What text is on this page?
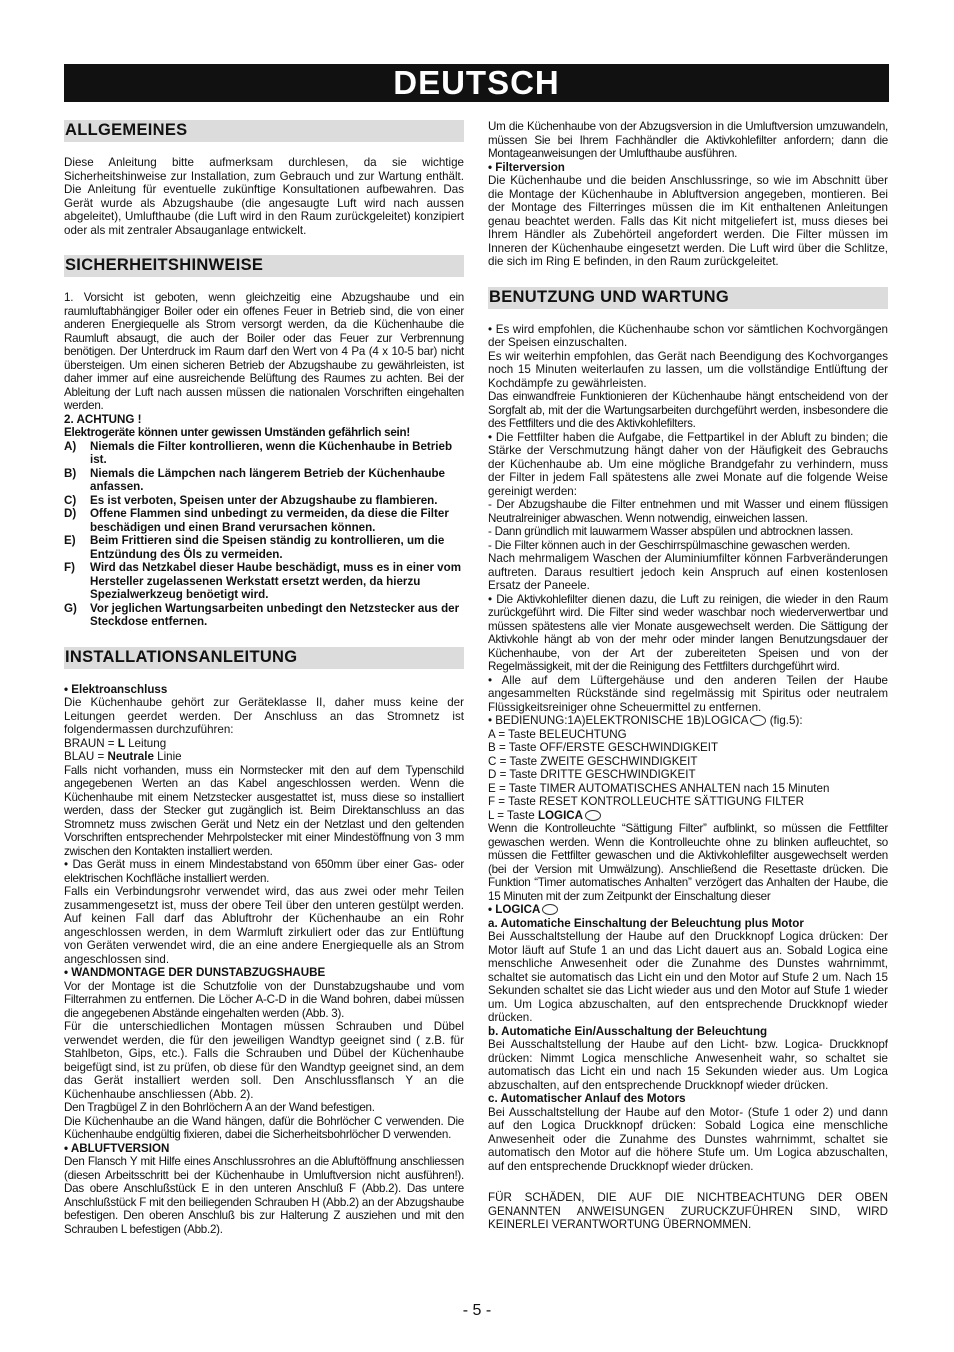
DEUTSCH
ALLGEMEINES

Diese Anleitung bitte aufmerksam durchlesen, da sie wichtige Sicherheitshinweise zur Installation, zum Gebrauch und zur Wartung enthält. Die Anleitung für eventuelle zukünftige Konsultationen aufbewahren. Das Gerät wurde als Abzugshaube (die angesaugte Luft wird nach aussen abgeleitet), Umlufthaube (die Luft wird in den Raum zurückgeleitet) konzipiert oder als mit zentraler Absauganlage entwickelt.

SICHERHEITSHINWEISE

1. Vorsicht ist geboten, wenn gleichzeitig eine Abzugshaube und ein raumluftabhängiger Boiler oder ein offenes Feuer in Betrieb sind, die von einer anderen Energiequelle als Strom versorgt werden, da die Küchenhaube die Raumluft absaugt, die auch der Boiler oder das Feuer zur Verbrennung benötigen. Der Unterdruck im Raum darf den Wert von 4 Pa (4 x 10-5 bar) nicht übersteigen. Um einen sicheren Betrieb der Abzugshaube zu gewährleisten, ist daher immer auf eine ausreichende Belüftung des Raumes zu achten. Bei der Ableitung der Luft nach aussen müssen die nationalen Vorschriften eingehalten werden.

2. ACHTUNG !

Elektrogeräte können unter gewissen Umständen gefährlich sein!

A)	Niemals die Filter kontrollieren, wenn die Küchenhaube in Betrieb ist.
B)	Niemals die Lämpchen nach längerem Betrieb der Küchenhaube anfassen.
C)	Es ist verboten, Speisen unter der Abzugshaube zu flambieren.
D)	Offene Flammen sind unbedingt zu vermeiden, da diese die Filter beschädigen und einen Brand verursachen können.
E)	Beim Frittieren sind die Speisen ständig zu kontrollieren, um die Entzündung des Öls zu vermeiden.
F)	Wird das Netzkabel dieser Haube beschädigt, muss es in einer vom Hersteller zugelassenen Werkstatt ersetzt werden, da hierzu Spezialwerkzeug benöetigt wird.
G)	Vor jeglichen Wartungsarbeiten unbedingt den Netzstecker aus der Steckdose entfernen.
INSTALLATIONSANLEITUNG

• Elektroanschluss

Die Küchenhaube gehört zur Geräteklasse II, daher muss keine der Leitungen geerdet werden. Der Anschluss an das Stromnetz ist folgendermassen durchzuführen:

BRAUN = L Leitung

BLAU = Neutrale Linie

Falls nicht vorhanden, muss ein Normstecker mit den auf dem Typenschild angegebenen Werten an das Kabel angeschlossen werden. Wenn die Küchenhaube mit einem Netzstecker ausgestattet ist, muss diese so installiert werden, dass der Stecker gut zugänglich ist. Beim Direktanschluss an das Stromnetz muss zwischen Gerät und Netz ein der Netzlast und den geltenden Vorschriften entsprechender Mehrpolstecker mit einer Mindestöffnung von 3 mm zwischen den Kontakten installiert werden.

• Das Gerät muss in einem Mindestabstand von 650mm über einer Gas- oder elektrischen Kochfläche installiert werden.

Falls ein Verbindungsrohr verwendet wird, das aus zwei oder mehr Teilen zusammengesetzt ist, muss der obere Teil über den unteren gestülpt werden. Auf keinen Fall darf das Abluftrohr der Küchenhaube an ein Rohr angeschlossen werden, in dem Warmluft zirkuliert oder das zur Entlüftung von Geräten verwendet wird, die an eine andere Energiequelle als an Strom angeschlossen sind.

• WANDMONTAGE DER DUNSTABZUGSHAUBE

Vor der Montage ist die Schutzfolie von der Dunstabzugshaube und vom Filterrahmen zu entfernen. Die Löcher A-C-D in die Wand bohren, dabei müssen die angegebenen Abstände eingehalten werden (Abb. 3).

Für die unterschiedlichen Montagen müssen Schrauben und Dübel verwendet werden, die für den jeweiligen Wandtyp geeignet sind ( z.B. für Stahlbeton, Gips, etc.). Falls die Schrauben und Dübel der Küchenhaube beigefügt sind, ist zu prüfen, ob diese für den Wandtyp geeignet sind, an dem das Gerät installiert werden soll. Den Anschlussflansch Y an die Küchenhaube anschliessen (Abb. 2).

Den Tragbügel Z in den Bohrlöchern A an der Wand befestigen.

Die Küchenhaube an die Wand hängen, dafür die Bohrlöcher C verwenden. Die Küchenhaube endgültig fixieren, dabei die Sicherheitsbohrlöcher D verwenden.

• ABLUFTVERSION

Den Flansch Y mit Hilfe eines Anschlussrohres an die Abluftöffnung anschliessen (diesen Arbeitsschritt bei der Küchenhaube in Umluftversion nicht ausführen!). Das obere Anschlußstück E in den unteren Anschluß F (Abb.2). Das untere Anschlußstück F mit den beiliegenden Schrauben H (Abb.2) an der Abzugshaube befestigen. Den oberen Anschluß bis zur Halterung Z ausziehen und mit den Schrauben L befestigen (Abb.2).

Um die Küchenhaube von der Abzugsversion in die Umluftversion umzuwandeln, müssen Sie bei Ihrem Fachhändler die Aktivkohlefilter anfordern; dann die Montageanweisungen der Umlufthaube ausführen.

• Filterversion

Die Küchenhaube und die beiden Anschlussringe, so wie im Abschnitt über die Montage der Küchenhaube in Abluftversion angegeben, montieren. Bei der Montage des Filterringes müssen die im Kit enthaltenen Anleitungen genau beachtet werden. Falls das Kit nicht mitgeliefert ist, muss dieses bei Ihrem Händler als Zubehörteil angefordert werden. Die Filter müssen im Inneren der Küchenhaube eingesetzt werden. Die Luft wird über die Schlitze, die sich im Ring E befinden, in den Raum zurückgeleitet.

BENUTZUNG UND WARTUNG

• Es wird empfohlen, die Küchenhaube schon vor sämtlichen Kochvorgängen der Speisen einzuschalten.

Es wir weiterhin empfohlen, das Gerät nach Beendigung des Kochvorganges noch 15 Minuten weiterlaufen zu lassen, um die vollständige Entlüftung der Kochdämpfe zu gewährleisten.

Das einwandfreie Funktionieren der Küchenhaube hängt entscheidend von der Sorgfalt ab, mit der die Wartungsarbeiten durchgeführt werden, insbesondere die des Fettfilters und die des Aktivkohlefilters.

• Die Fettfilter haben die Aufgabe, die Fettpartikel in der Abluft zu binden; die Stärke der Verschmutzung hängt daher von der Häufigkeit des Gebrauchs der Küchenhaube ab. Um eine mögliche Brandgefahr zu verhindern, muss der Filter in jedem Fall spätestens alle zwei Monate auf die folgende Weise gereinigt werden:

- Der Abzugshaube die Filter entnehmen und mit Wasser und einem flüssigen Neutralreiniger abwaschen. Wenn notwendig, einweichen lassen.

- Dann gründlich mit lauwarmem Wasser abspülen und abtrocknen lassen.

- Die Filter können auch in der Geschirrspülmaschine gewaschen werden.

Nach mehrmaligem Waschen der Aluminiumfilter können Farbveränderungen auftreten. Daraus resultiert jedoch kein Anspruch auf einen kostenlosen Ersatz der Paneele.

• Die Aktivkohlefilter dienen dazu, die Luft zu reinigen, die wieder in den Raum zurückgeführt wird. Die Filter sind weder waschbar noch wiederverwertbar und müssen spätestens alle vier Monate ausgewechselt werden. Die Sättigung der Aktivkohle hängt ab von der mehr oder minder langen Benutzungsdauer der Küchenhaube, von der Art der zubereiteten Speisen und von der Regelmässigkeit, mit der die Reinigung des Fettfilters durchgeführt wird.

• Alle auf dem Lüftergehäuse und den anderen Teilen der Haube angesammelten Rückstände sind regelmässig mit Spiritus oder neutralem Flüssigkeitsreiniger ohne Scheuermittel zu entfernen.

• BEDIENUNG:1A)ELEKTRONISCHE 1B)LOGICA (fig.5):

A = Taste BELEUCHTUNG

B = Taste OFF/ERSTE GESCHWINDIGKEIT

C = Taste ZWEITE GESCHWINDIGKEIT

D = Taste DRITTE GESCHWINDIGKEIT

E = Taste TIMER AUTOMATISCHES ANHALTEN nach 15 Minuten

F = Taste RESET KONTROLLEUCHTE SÄTTIGUNG FILTER

L = Taste LOGICA

Wenn die Kontrolleuchte “Sättigung Filter” aufblinkt, so müssen die Fettfilter gewaschen werden. Wenn die Kontrolleuchte ohne zu blinken aufleuchtet, so müssen die Fettfilter gewaschen und die Aktivkohlefilter ausgewechselt werden (bei der Version mit Umwälzung). Anschließend die Resettaste drücken. Die Funktion “Timer automatisches Anhalten” verzögert das Anhalten der Haube, die 15 Minuten mit der zum Zeitpunkt der Einschaltung dieser

• LOGICA

a. Automatiche Einschaltung der Beleuchtung plus Motor

Bei Ausschaltstellung der Haube auf den Druckknopf Logica drücken: Der Motor läuft auf Stufe 1 an und das Licht dauert aus an. Sobald Logica eine menschliche Anwesenheit oder die Zunahme des Dunstes wahrnimmt, schaltet sie automatisch das Licht ein und den Motor auf Stufe 2 um. Nach 15 Sekunden schaltet sie das Licht wieder aus und den Motor auf Stufe 1 wieder um. Um Logica abzuschalten, auf den entsprechende Druckknopf wieder drücken.

b. Automatiche Ein/Ausschaltung der Beleuchtung

Bei Ausschaltstellung der Haube auf den Licht- bzw. Logica- Druckknopf drücken: Nimmt Logica menschliche Anwesenheit wahr, so schaltet sie automatisch das Licht ein und nach 15 Sekunden wieder aus. Um Logica abzuschalten, auf den entsprechende Druckknopf wieder drücken.

c. Automatischer Anlauf des Motors

Bei Ausschaltstellung der Haube auf den Motor- (Stufe 1 oder 2) und dann auf den Logica Druckknopf drücken: Sobald Logica eine menschliche Anwesenheit oder die Zunahme des Dunstes wahrnimmt, schaltet sie automatisch den Motor auf die höhere Stufe um. Um Logica abzuschalten, auf den entsprechende Druckknopf wieder drücken.

FÜR SCHÄDEN, DIE AUF DIE NICHTBEACHTUNG DER OBEN GENANNTEN ANWEISUNGEN ZURUCKZUFÜHREN SIND, WIRD KEINERLEI VERANTWORTUNG ÜBERNOMMEN.

- 5 -
